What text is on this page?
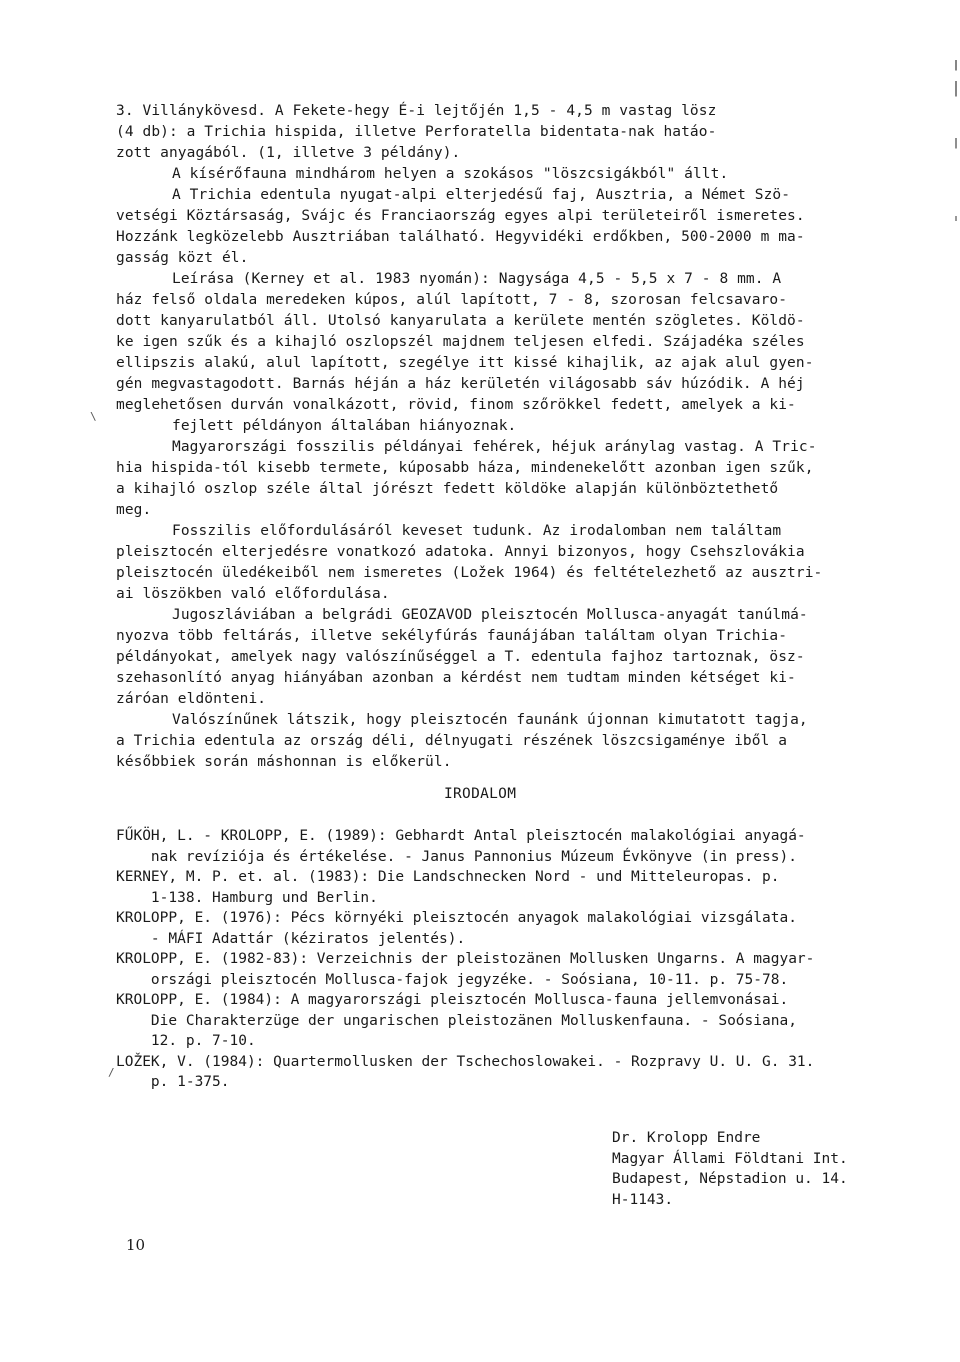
3. Villánykövesd. A Fekete-hegy É-i lejtőjén 1,5 - 4,5 m vastag lösz
(4 db): a Trichia hispida, illetve Perforatella bidentata-nak hatáo-
zott anyagából. (1, illetve 3 példány).
A kísérőfauna mindhárom helyen a szokásos "löszcsigákból" állt.
A Trichia edentula nyugat-alpi elterjedésű faj, Ausztria, a Német Szö-
vetségi Köztársaság, Svájc és Franciaország egyes alpi területeiről ismeretes.
Hozzánk legközelebb Ausztriában található. Hegyvidéki erdőkben, 500-2000 m ma-
gasság közt él.
Leírása (Kerney et al. 1983 nyomán): Nagysága 4,5 - 5,5 x 7 - 8 mm. A
ház felső oldala meredeken kúpos, alúl lapított, 7 - 8, szorosan felcsavaro-
dott kanyarulatból áll. Utolsó kanyarulata a kerülete mentén szögletes. Köldö-
ke igen szűk és a kihajló oszlopszél majdnem teljesen elfedi. Szájadéka széles
ellipszis alakú, alul lapított, szegélye itt kissé kihajlik, az ajak alul gyen-
gén megvastagodott. Barnás héján a ház kerületén világosabb sáv húzódik. A héj
meglehetősen durván vonalkázott, rövid, finom szőrökkel fedett, amelyek a ki-
fejlett példányon általában hiányoznak.
Magyarországi fosszilis példányai fehérek, héjuk aránylag vastag. A Tric-
hia hispida-tól kisebb termete, kúposabb háza, mindenekelőtt azonban igen szűk,
a kihajló oszlop széle által jórészt fedett köldöke alapján különböztethető
meg.
Fosszilis előfordulásáról keveset tudunk. Az irodalomban nem találtam
pleisztocén elterjedésre vonatkozó adatoka. Annyi bizonyos, hogy Csehszlovákia
pleisztocén üledékeiből nem ismeretes (Ložek 1964) és feltételezhető az ausztri-
ai löszökben való előfordulása.
Jugoszláviában a belgrádi GEOZAVOD pleisztocén Mollusca-anyagát tanúlmá-
nyozva több feltárás, illetve sekélyfúrás faunájában találtam olyan Trichia-
példányokat, amelyek nagy valószínűséggel a T. edentula fajhoz tartoznak, ösz-
szehasonlító anyag hiányában azonban a kérdést nem tudtam minden kétséget ki-
záróan eldönteni.
Valószínűnek látszik, hogy pleisztocén faunánk újonnan kimutatott tagja,
a Trichia edentula az ország déli, délnyugati részének löszcsigaménye iből a
későbbiek során máshonnan is előkerül.
IRODALOM
FŰKÖH, L. - KROLOPP, E. (1989): Gebhardt Antal pleisztocén malakológiai anyagá-
nak revíziója és értékelése. - Janus Pannonius Múzeum Évkönyve (in press).
KERNEY, M. P. et. al. (1983): Die Landschnecken Nord - und Mitteleuropas. p.
1-138. Hamburg und Berlin.
KROLOPP, E. (1976): Pécs környéki pleisztocén anyagok malakológiai vizsgálata.
- MÁFI Adattár (kéziratos jelentés).
KROLOPP, E. (1982-83): Verzeichnis der pleistozänen Mollusken Ungarns. A magyar-
országi pleisztocén Mollusca-fajok jegyzéke. - Soósiana, 10-11. p. 75-78.
KROLOPP, E. (1984): A magyarországi pleisztocén Mollusca-fauna jellemvonásai.
Die Charakterzüge der ungarischen pleistozänen Molluskenfauna. - Soósiana,
12. p. 7-10.
LOŽEK, V. (1984): Quartermollusken der Tschechoslowakei. - Rozpravy U. U. G. 31.
p. 1-375.
Dr. Krolopp Endre
Magyar Állami Földtani Int.
Budapest, Népstadion u. 14.
H-1143.
10
\
/
